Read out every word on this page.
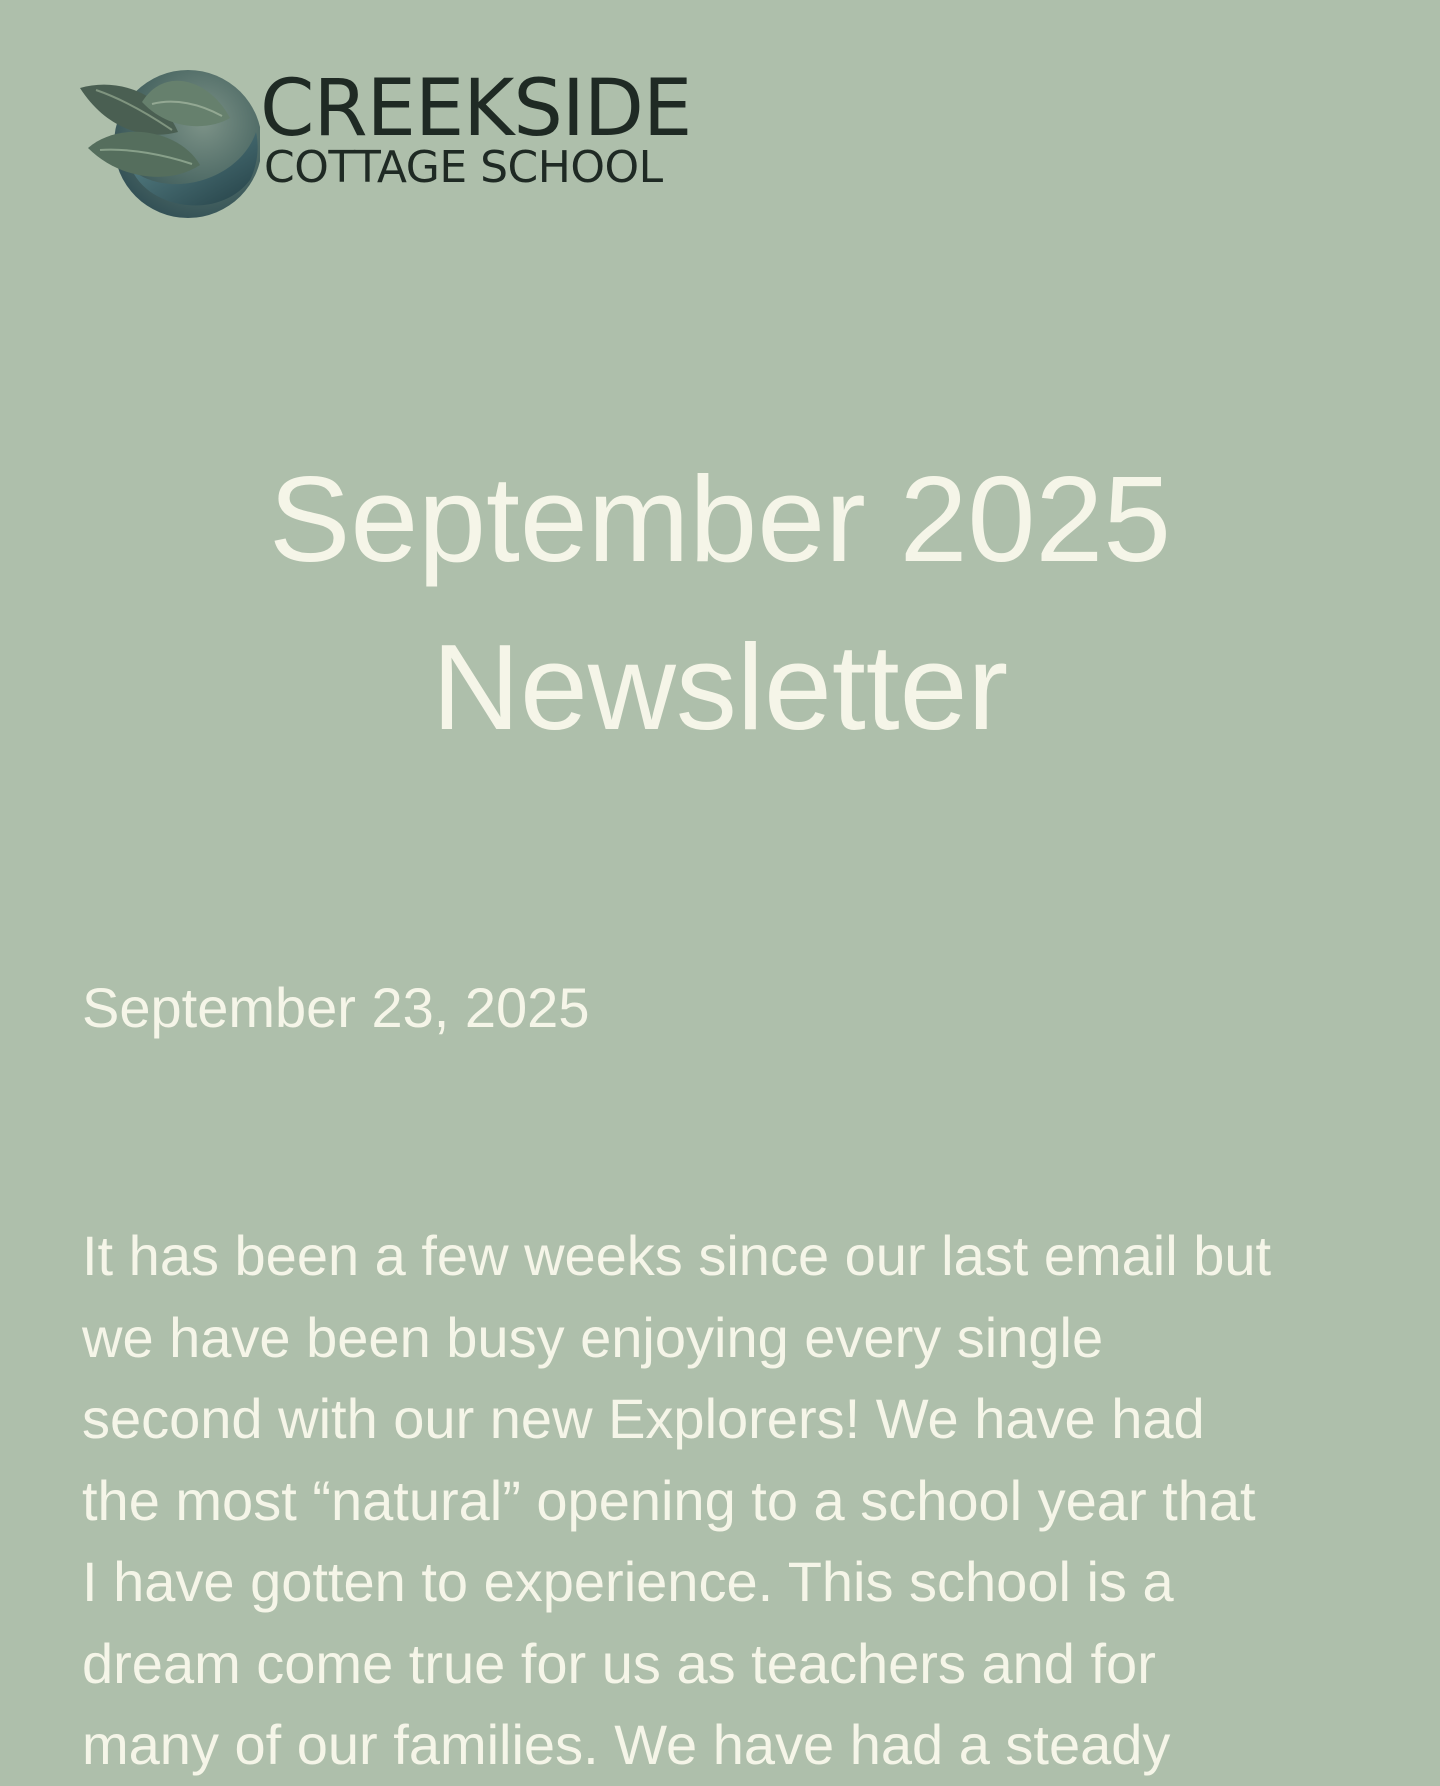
CREEKSIDE
COTTAGE SCHOOL
September 2025
Newsletter
September 23, 2025
It has been a few weeks since our last email but
we have been busy enjoying every single
second with our new Explorers! We have had
the most “natural” opening to a school year that
I have gotten to experience. This school is a
dream come true for us as teachers and for
many of our families. We have had a steady
